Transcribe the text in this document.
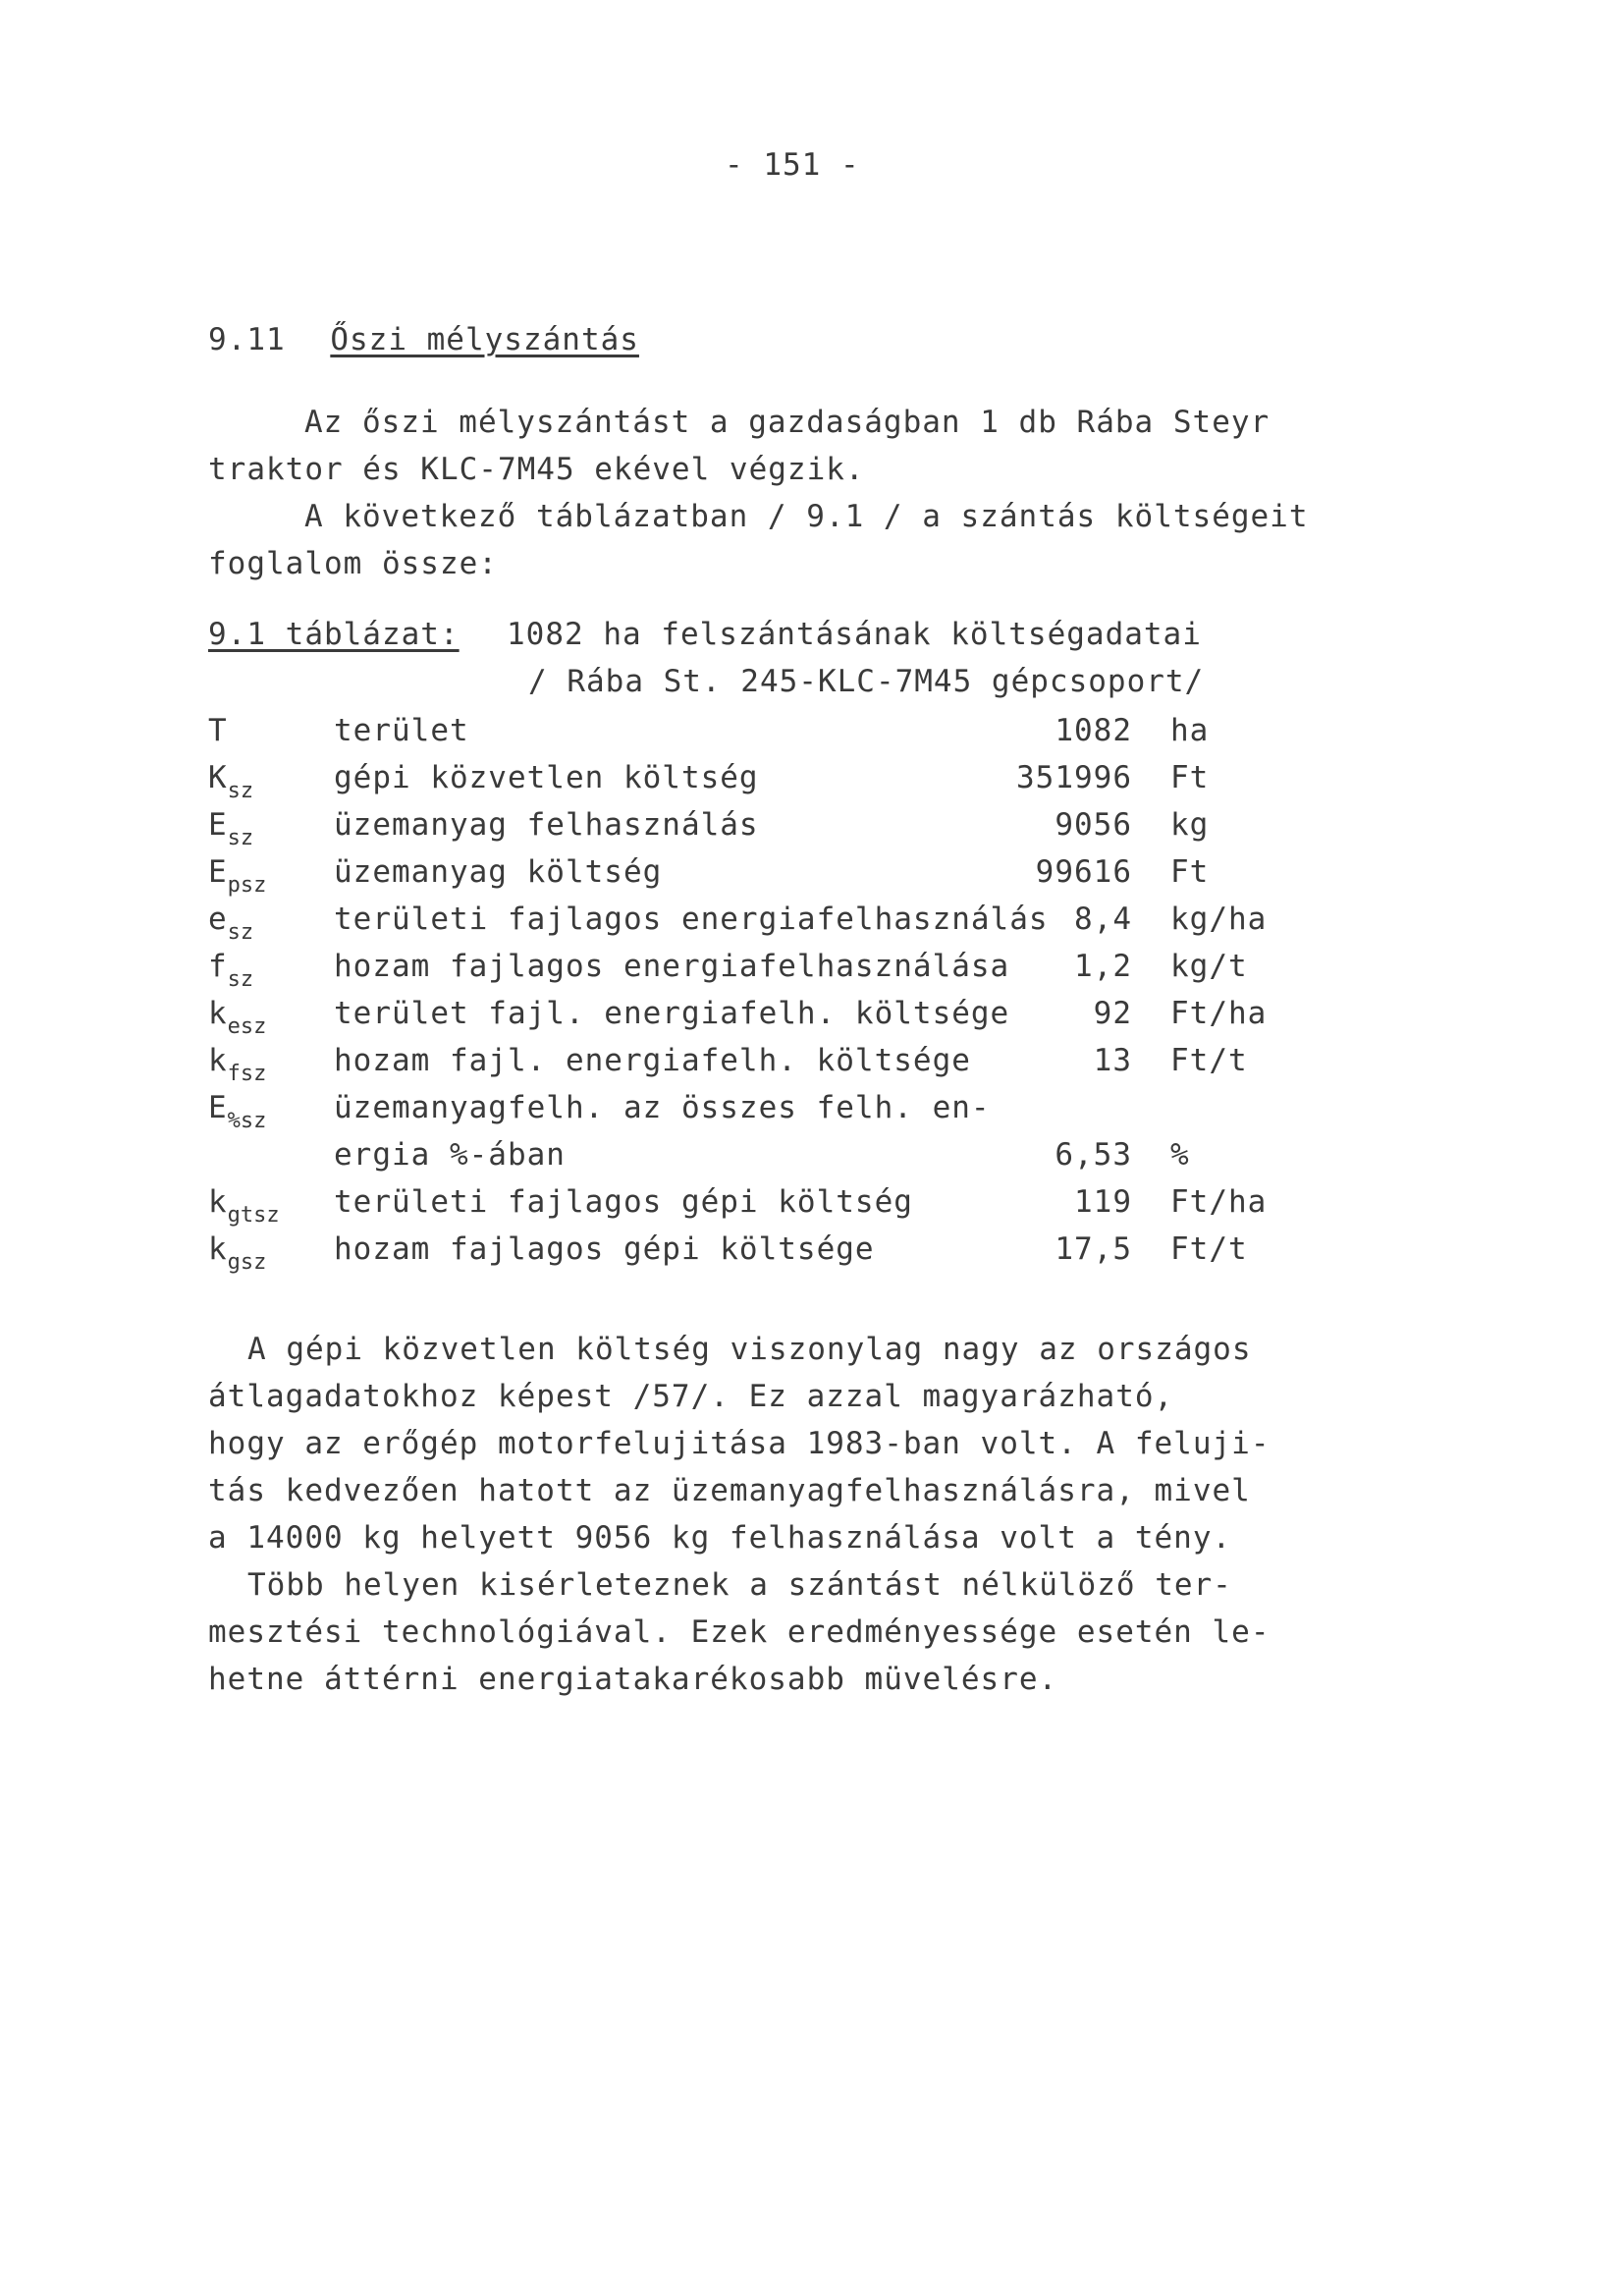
- 151 -
9.11 Őszi mélyszántás
Az őszi mélyszántást a gazdaságban 1 db Rába Steyr
traktor és KLC-7M45 ekével végzik.
A következő táblázatban / 9.1 / a szántás költségeit
foglalom össze:
9.1 táblázat: 1082 ha felszántásának költségadatai
/ Rába St. 245-KLC-7M45 gépcsoport/
T	terület	1082 ha
$K_{sz}$	gépi közvetlen költség	351996 Ft
$E_{sz}$	üzemanyag felhasználás	9056 kg
$E_{psz}$ üzemanyag költség	99616 Ft
$e_{sz}$	területi fajlagos energiafelhasználás 8,4 kg/ha
$f_{sz}$	hozam fajlagos energiafelhasználása 1,2 kg/t
$k_{esz}$ terület fajl. energiafelh. költsége	92 Ft/ha
$k_{fsz}$ hozam fajl. energiafelh. költsége	13 Ft/t
$E_{\%sz}$ üzemanyagfelh. az összes felh. en-
ergia %-ában	6,53 %
$k_{gtsz}$ területi fajlagos gépi költség	119 Ft/ha
$k_{gsz}$ hozam fajlagos gépi költsége	17,5 Ft/t
A gépi közvetlen költség viszonylag nagy az országos
átlagadatokhoz képest /57/. Ez azzal magyarázható,
hogy az erőgép motorfelujitása 1983-ban volt. A feluji-
tás kedvezően hatott az üzemanyagfelhasználásra, mivel
a 14000 kg helyett 9056 kg felhasználása volt a tény.
Több helyen kisérleteznek a szántást nélkülöző ter-
mesztési technológiával. Ezek eredményessége esetén le-
hetne áttérni energiatakarékosabb müvelésre.
